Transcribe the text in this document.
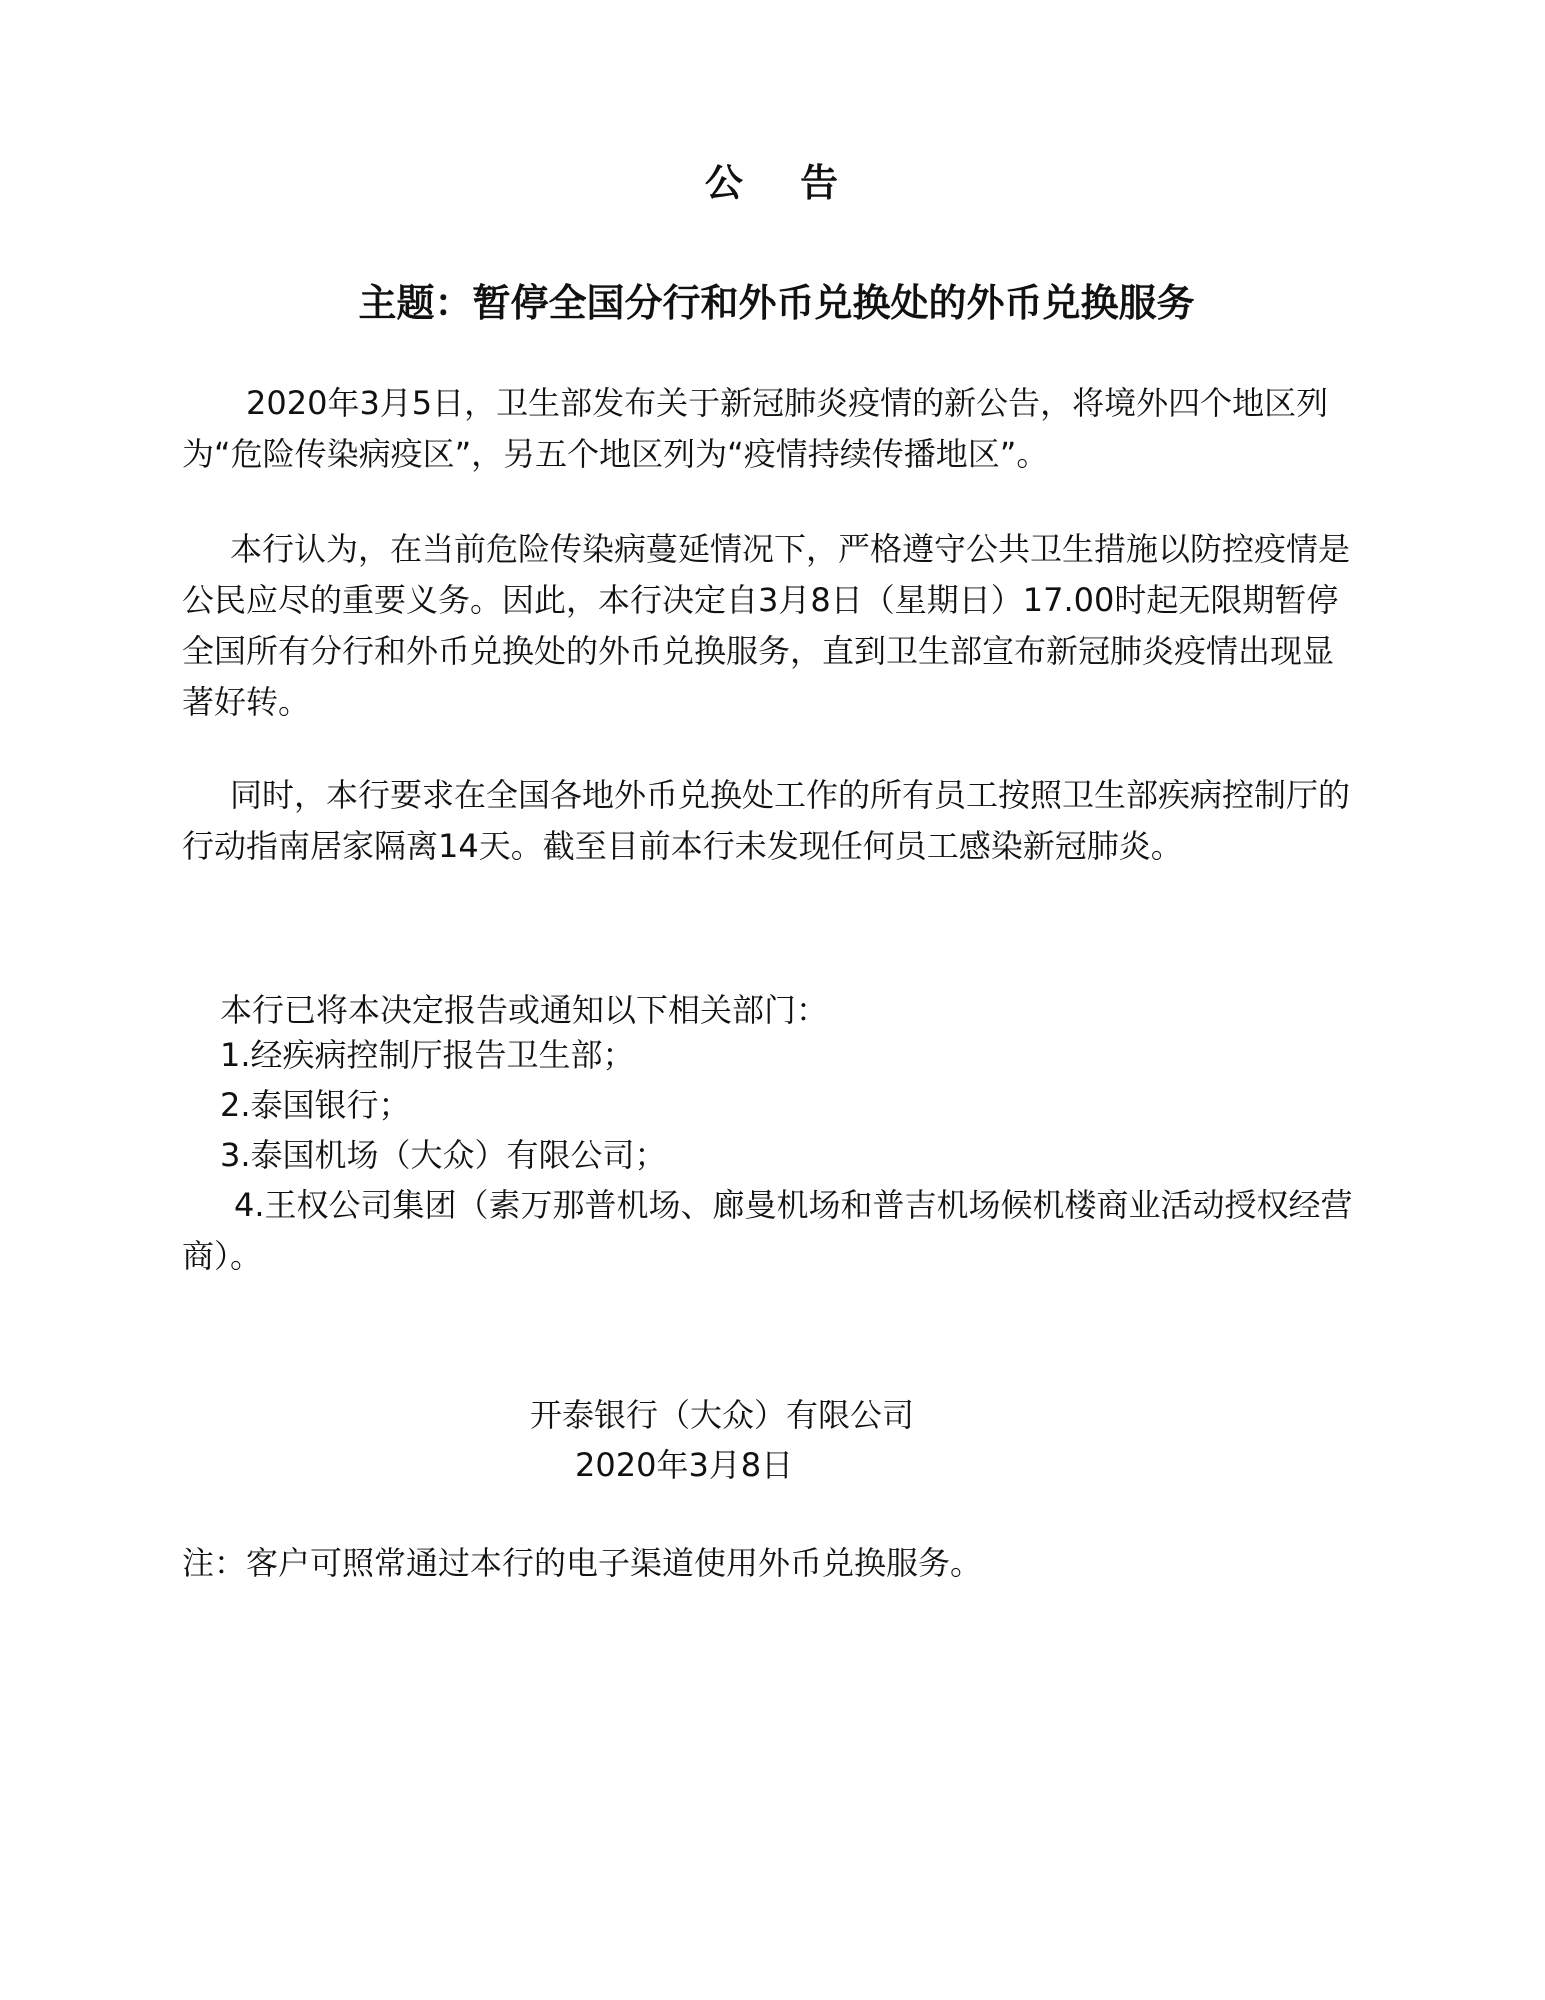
公 告
主题：暂停全国分行和外币兑换处的外币兑换服务

2020年3月5日，卫生部发布关于新冠肺炎疫情的新公告，将境外四个地区列为“危险传染病疫区”，另五个地区列为“疫情持续传播地区”。

本行认为，在当前危险传染病蔓延情况下，严格遵守公共卫生措施以防控疫情是公民应尽的重要义务。因此，本行决定自3月8日（星期日）17.00时起无限期暂停全国所有分行和外币兑换处的外币兑换服务，直到卫生部宣布新冠肺炎疫情出现显著好转。

同时，本行要求在全国各地外币兑换处工作的所有员工按照卫生部疾病控制厅的行动指南居家隔离14天。截至目前本行未发现任何员工感染新冠肺炎。

本行已将本决定报告或通知以下相关部门：

1.经疾病控制厅报告卫生部；

2.泰国银行；

3.泰国机场（大众）有限公司；

4.王权公司集团（素万那普机场、廊曼机场和普吉机场候机楼商业活动授权经营商）。

开泰银行（大众）有限公司

2020年3月8日

注：客户可照常通过本行的电子渠道使用外币兑换服务。
